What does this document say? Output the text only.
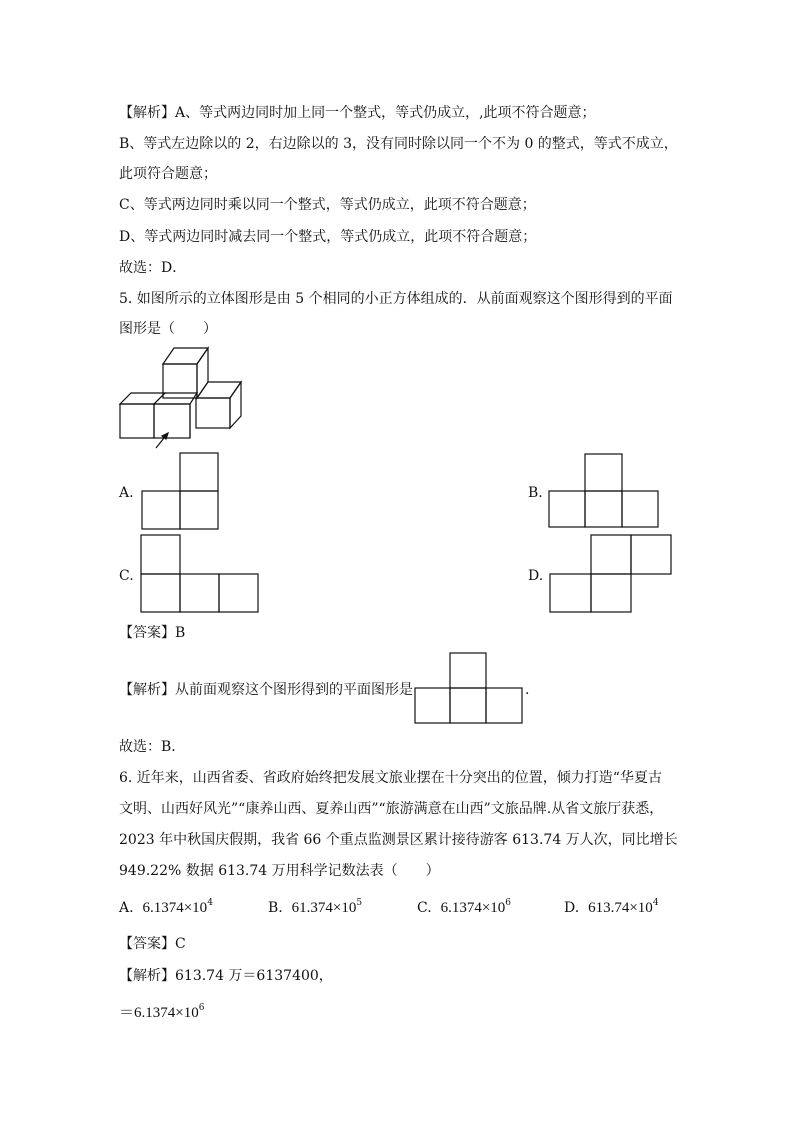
【解析】A、等式两边同时加上同一个整式，等式仍成立，,此项不符合题意；
B、等式左边除以的 2，右边除以的 3，没有同时除以同一个不为 0 的整式，等式不成立，
此项符合题意；
C、等式两边同时乘以同一个整式，等式仍成立，此项不符合题意；
D、等式两边同时减去同一个整式，等式仍成立，此项不符合题意；
故选：D．
5. 如图所示的立体图形是由 5 个相同的小正方体组成的．从前面观察这个图形得到的平面
图形是（　　）
A.	B.
C.	D.
【答案】B
【解析】从前面观察这个图形得到的平面图形是	.
故选：B．
6. 近年来，山西省委、省政府始终把发展文旅业摆在十分突出的位置，倾力打造“华夏古
文明、山西好风光”“康养山西、夏养山西”“旅游满意在山西”文旅品牌.从省文旅厅获悉，
2023 年中秋国庆假期，我省 66 个重点监测景区累计接待游客 613.74 万人次，同比增长
949.22% 数据 613.74 万用科学记数法表（　　）
A. $6.1374\times 10^4$	B. $61.374\times 10^5$	C. $6.1374\times 10^6$	D. $613.74\times 10^4$
【答案】C
【解析】613.74 万＝6137400，
$=6.1374\times 10^6$
